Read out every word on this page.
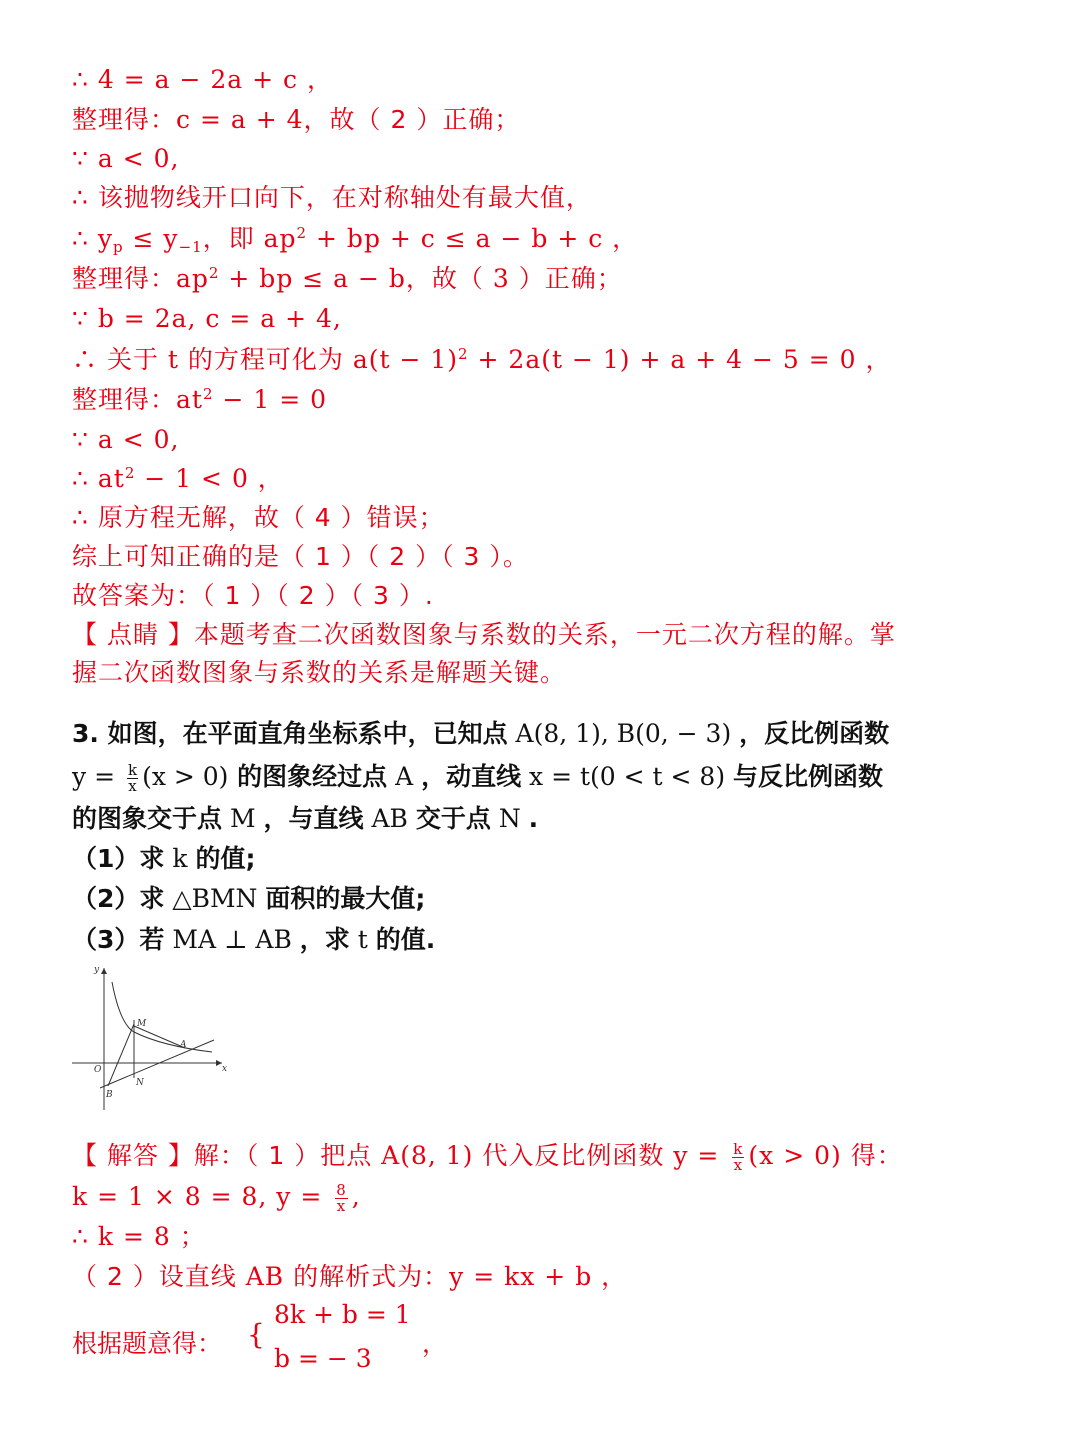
∴ 4 = a − 2a + c ，
整理得：c = a + 4，故（ 2 ）正确；
∵ a < 0,
∴ 该抛物线开口向下，在对称轴处有最大值，
∴ $y_p \le y_{-1}$，即 $ap^2$ + bp + c ≤ a − b + c ，
整理得：$ap^2$ + bp ≤ a − b，故（ 3 ）正确；
∵ b = 2a, c = a + 4,
∴ 关于 t 的方程可化为 $a(t - 1)^2 + 2a(t - 1) + a + 4 - 5 = 0$ ，
整理得：$at^2 - 1 = 0$
∵ a < 0,
∴ $at^2 - 1 < 0$ ，
∴ 原方程无解，故（ 4 ）错误；
综上可知正确的是（ 1 ）（ 2 ）（ 3 ）。
故答案为：（ 1 ）（ 2 ）（ 3 ）.
【 点睛 】本题考查二次函数图象与系数的关系，一元二次方程的解。掌
握二次函数图象与系数的关系是解题关键。
3. 如图，在平面直角坐标系中，已知点 A(8, 1), B(0, − 3) ，反比例函数
$y = \frac{k}{x} (x > 0)$ 的图象经过点 A ，动直线 x = t(0 < t < 8) 与反比例函数
的图象交于点 M ，与直线 AB 交于点 N .
（1）求 k 的值;
（2）求 △BMN 面积的最大值;
（3）若 MA ⊥ AB ，求 t 的值.
y
x
O
M
A
N
B
【 解答 】解：（ 1 ）把点 A(8, 1) 代入反比例函数 $y = \frac{k}{x} (x > 0)$ 得：
k = 1 × 8 = 8, $y = \frac{8}{x}$ ,
∴ k = 8 ；
（ 2 ）设直线 AB 的解析式为：y = kx + b ，
根据题意得： {
8k + b = 1
b = − 3
，
